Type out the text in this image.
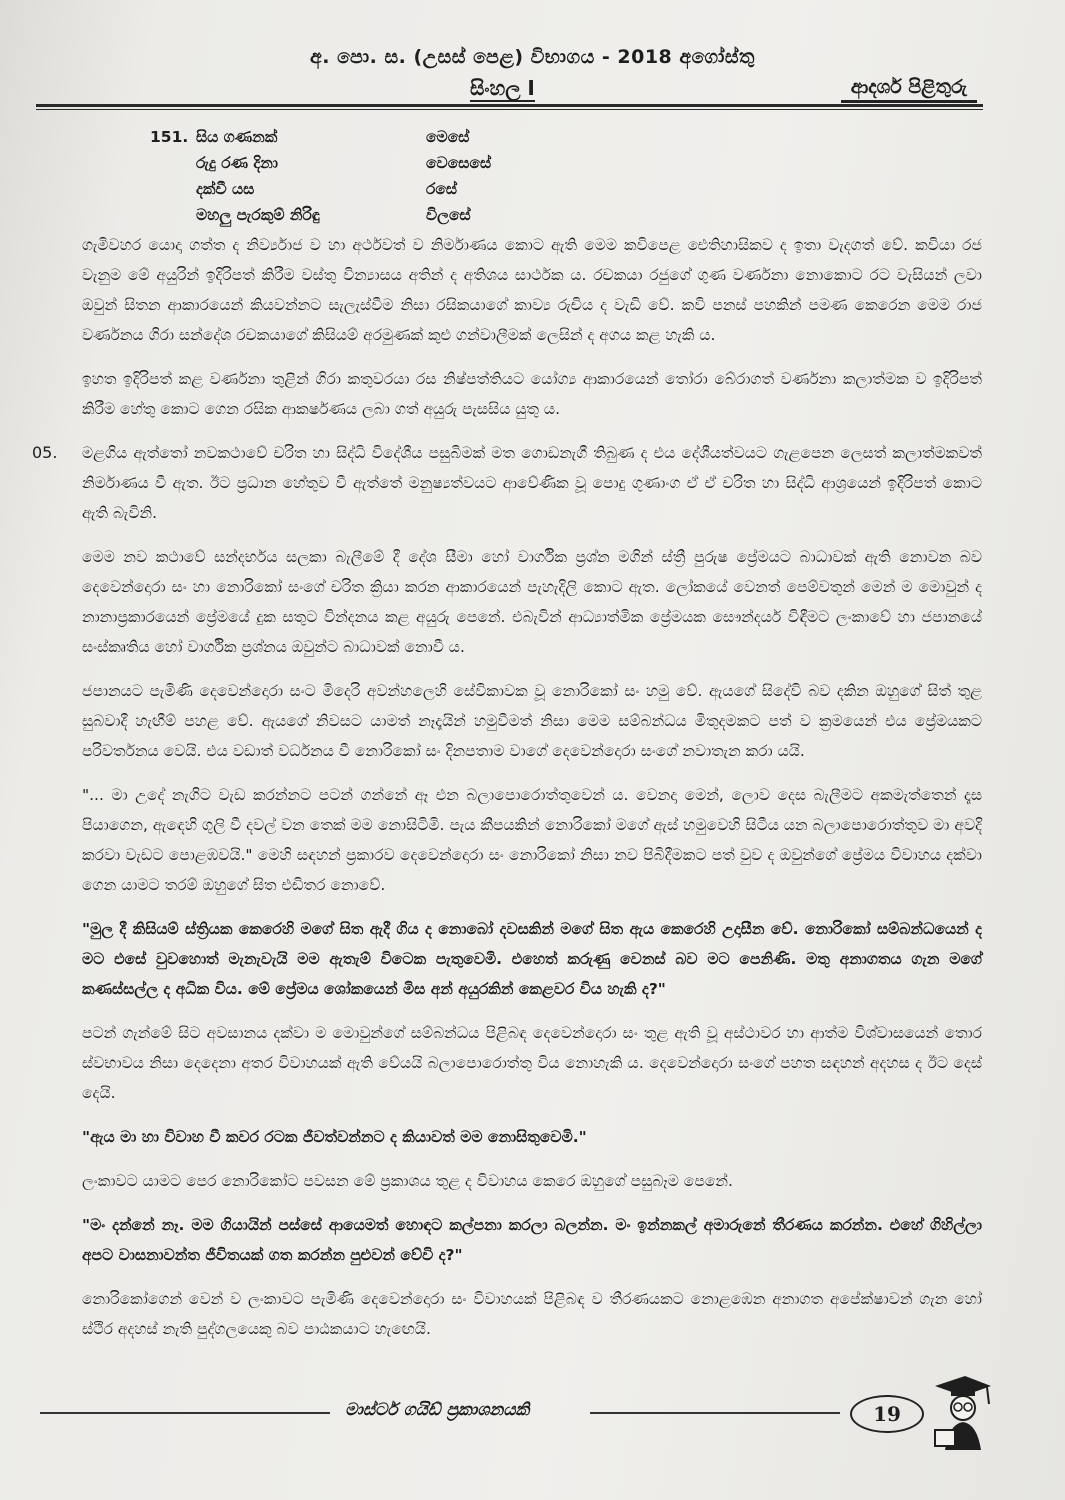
අ. පො. ස. (උසස් පෙළ) විභාගය - 2018 අගෝස්තු
සිංහල I	ආදර්ශ පිළිතුරු
151. සිය ගණනක්	මෙසේ
රුදු රණ දිනා	වෙසෙසේ
දක්වී යස	රසේ
මහලු පැරකුම් නිරිඳු	විලසේ

ගැමිවහර යොදා ගත්ත ද නිර්ව්‍යාජ ව හා අර්ථවත් ව නිර්මාණය කොට ඇති මෙම කවිපෙළ ඓතිහාසිකව ද ඉතා වැදගත් වේ. කවියා රජ වැනුම මේ අයුරින් ඉදිරිපත් කිරීම වස්තු වින්‍යාසය අතින් ද අතිශය සාර්ථක ය. රචකයා රජුගේ ගුණ වර්ණනා නොකොට රට වැසියන් ලවා ඔවුන් සිතන ආකාරයෙන් කියවන්නට සැලැස්වීම නිසා රසිකයාගේ කාව්‍ය රුචිය ද වැඩි වේ. කවි පනස් පහකින් පමණ කෙරෙන මෙම රාජ වර්ණනය ගිරා සන්දේශ රචකයාගේ කිසියම් අරමුණක් කුළු ගන්වාලීමක් ලෙසින් ද අගය කළ හැකි ය.

ඉහත ඉදිරිපත් කළ වර්ණනා තුළින් ගිරා කතුවරයා රස නිෂ්පත්තියට යෝග්‍ය ආකාරයෙන් තෝරා බේරාගත් වර්ණනා කලාත්මක ව ඉදිරිපත් කිරීම හේතු කොට ගෙන රසික ආකර්ෂණය ලබා ගත් අයුරු පැසසිය යුතු ය.

05. මළගිය ඇත්තෝ නවකථාවේ චරිත හා සිද්ධි විදේශීය පසුබිමක් මත ගොඩනැගී තිබුණ ද එය දේශීයත්වයට ගැළපෙන ලෙසත් කලාත්මකවත් නිර්මාණය වී ඇත. ඊට ප්‍රධාන හේතුව වී ඇත්තේ මනුෂ්‍යත්වයට ආවේණික වූ පොදු ගුණාංග ඒ ඒ චරිත හා සිද්ධි ආශ්‍රයෙන් ඉදිරිපත් කොට ඇති බැවිනි.

මෙම නව කථාවේ සන්දර්භය සලකා බැලීමේ දී දේශ සීමා හෝ වාර්ගික ප්‍රශ්න මගින් ස්ත්‍රී පුරුෂ ප්‍රේමයට බාධාවක් ඇති නොවන බව දෙවෙන්දොරා සං හා නොරිකෝ සංගේ චරිත ක්‍රියා කරන ආකාරයෙන් පැහැදිලි කොට ඇත. ලෝකයේ වෙනත් පෙම්වතුන් මෙන් ම මොවුන් ද නානාප්‍රකාරයෙන් ප්‍රේමයේ දුක සතුට වින්දනය කළ අයුරු පෙනේ. එබැවින් ආධ්‍යාත්මික ප්‍රේමයක සෞන්දර්ය විඳීමට ලංකාවේ හා ජපානයේ සංස්කෘතිය හෝ වාර්ගික ප්‍රශ්නය ඔවුන්ට බාධාවක් නොවී ය.

ජපානයට පැමිණි දෙවෙන්දොරා සංට මිදෙරි අවන්හලෙහි සේවිකාවක වූ නොරිකෝ සං හමු වේ. ඇයගේ සිදේවි බව දකින ඔහුගේ සිත් තුළ සුබවාදී හැඟීම් පහළ වේ. ඇයගේ නිවසට යාමත් නෑදෑයින් හමුවීමත් නිසා මෙම සම්බන්ධය මිතුදමකට පත් ව ක්‍රමයෙන් එය ප්‍රේමයකට පරිවර්තනය වෙයි. එය වඩාත් වර්ධනය වී නොරිකෝ සං දිනපතාම වාගේ දෙවෙන්දොරා සංගේ නවාතැන කරා යයි.

"... මා උදේ නැගිට වැඩ කරන්නට පටන් ගන්නේ ඈ එන බලාපොරොත්තුවෙන් ය. වෙනදා මෙන්, ලොව දෙස බැලීමට අකමැත්තෙන් දෑස පියාගෙන, ඇඳෙහි ගුලි වී දවල් වන තෙක් මම නොසිටිමි. පැය කීපයකින් නොරිකෝ මගේ ඇස් හමුවෙහි සිටීය යන බලාපොරොත්තුව මා අවදි කරවා වැඩට පොළඹවයි." මෙහි සඳහන් ප්‍රකාරව දෙවෙන්දොරා සං නොරිකෝ නිසා නව පිබිදීමකට පත් වුව ද ඔවුන්ගේ ප්‍රේමය විවාහය දක්වා ගෙන යාමට තරම් ඔහුගේ සිත එඩිතර නොවේ.

"මුල දී කිසියම් ස්ත්‍රියක කෙරෙහි මගේ සිත ඇදී ගිය ද නොබෝ දවසකින් මගේ සිත ඇය කෙරෙහි උදාසීන වේ. නොරිකෝ සම්බන්ධයෙන් ද මට එසේ වුවහොත් මැනැවැයි මම ඇතැම් විටෙක පැතුවෙමි. එහෙත් කරුණු වෙනස් බව මට පෙනිණි. මතු අනාගතය ගැන මගේ කණස්සල්ල ද අධික විය. මේ ප්‍රේමය ශෝකයෙන් මිස අන් අයුරකින් කෙළවර විය හැකි ද?"

පටන් ගැන්මේ සිට අවසානය දක්වා ම මොවුන්ගේ සම්බන්ධය පිළිබඳ දෙවෙන්දොරා සං තුළ ඇති වූ අස්ථාවර හා ආත්ම විශ්වාසයෙන් තොර ස්වභාවය නිසා දෙදෙනා අතර විවාහයක් ඇති වේයයි බලාපොරොත්තු විය නොහැකි ය. දෙවෙන්දොරා සංගේ පහත සඳහන් අදහස ද ඊට දෙස් දෙයි.

"ඇය මා හා විවාහ වී කවර රටක ජීවත්වන්නට ද කියාවත් මම නොසිතුවෙමි."

ලංකාවට යාමට පෙර නොරිකෝට පවසන මේ ප්‍රකාශය තුළ ද විවාහය කෙරෙ ඔහුගේ පසුබෑම පෙනේ.

"මං දන්නේ නෑ. මම ගියායින් පස්සේ ආයෙමත් හොඳට කල්පනා කරලා බලන්න. මං ඉන්නකල් අමාරුනේ තීරණය කරන්න. එහේ ගිහිල්ලා අපට වාසනාවන්ත ජීවිතයක් ගත කරන්න පුළුවන් වේවි ද?"

නොරිකෝගෙන් වෙන් ව ලංකාවට පැමිණි දෙවෙන්දොරා සං විවාහයක් පිළිබඳ ව තීරණයකට නොළඹෙන අනාගත අපේක්ෂාවන් ගැන හෝ ස්ථිර අදහස් නැති පුද්ගලයෙකු බව පාඨකයාට හැඟෙයි.

මාස්ටර් ගයිඩ් ප්‍රකාශනයකි	19
